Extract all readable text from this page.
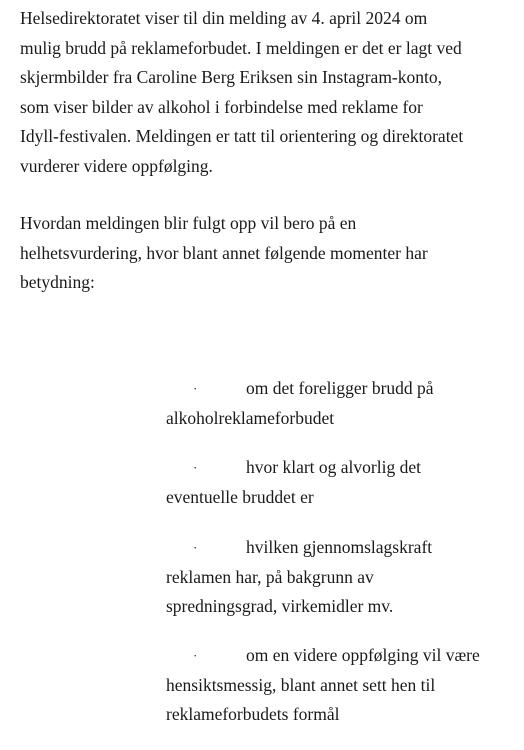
Helsedirektoratet viser til din melding av 4. april 2024 om
mulig brudd på reklameforbudet. I meldingen er det er lagt ved
skjermbilder fra Caroline Berg Eriksen sin Instagram-konto,
som viser bilder av alkohol i forbindelse med reklame for
Idyll-festivalen. Meldingen er tatt til orientering og direktoratet
vurderer videre oppfølging.

Hvordan meldingen blir fulgt opp vil bero på en
helhetsvurdering, hvor blant annet følgende momenter har
betydning:

·	om det foreligger brudd på
alkoholreklameforbudet
·	hvor klart og alvorlig det
eventuelle bruddet er
·	hvilken gjennomslagskraft
reklamen har, på bakgrunn av
spredningsgrad, virkemidler mv.
·	om en videre oppfølging vil være
hensiktsmessig, blant annet sett hen til
reklameforbudets formål
